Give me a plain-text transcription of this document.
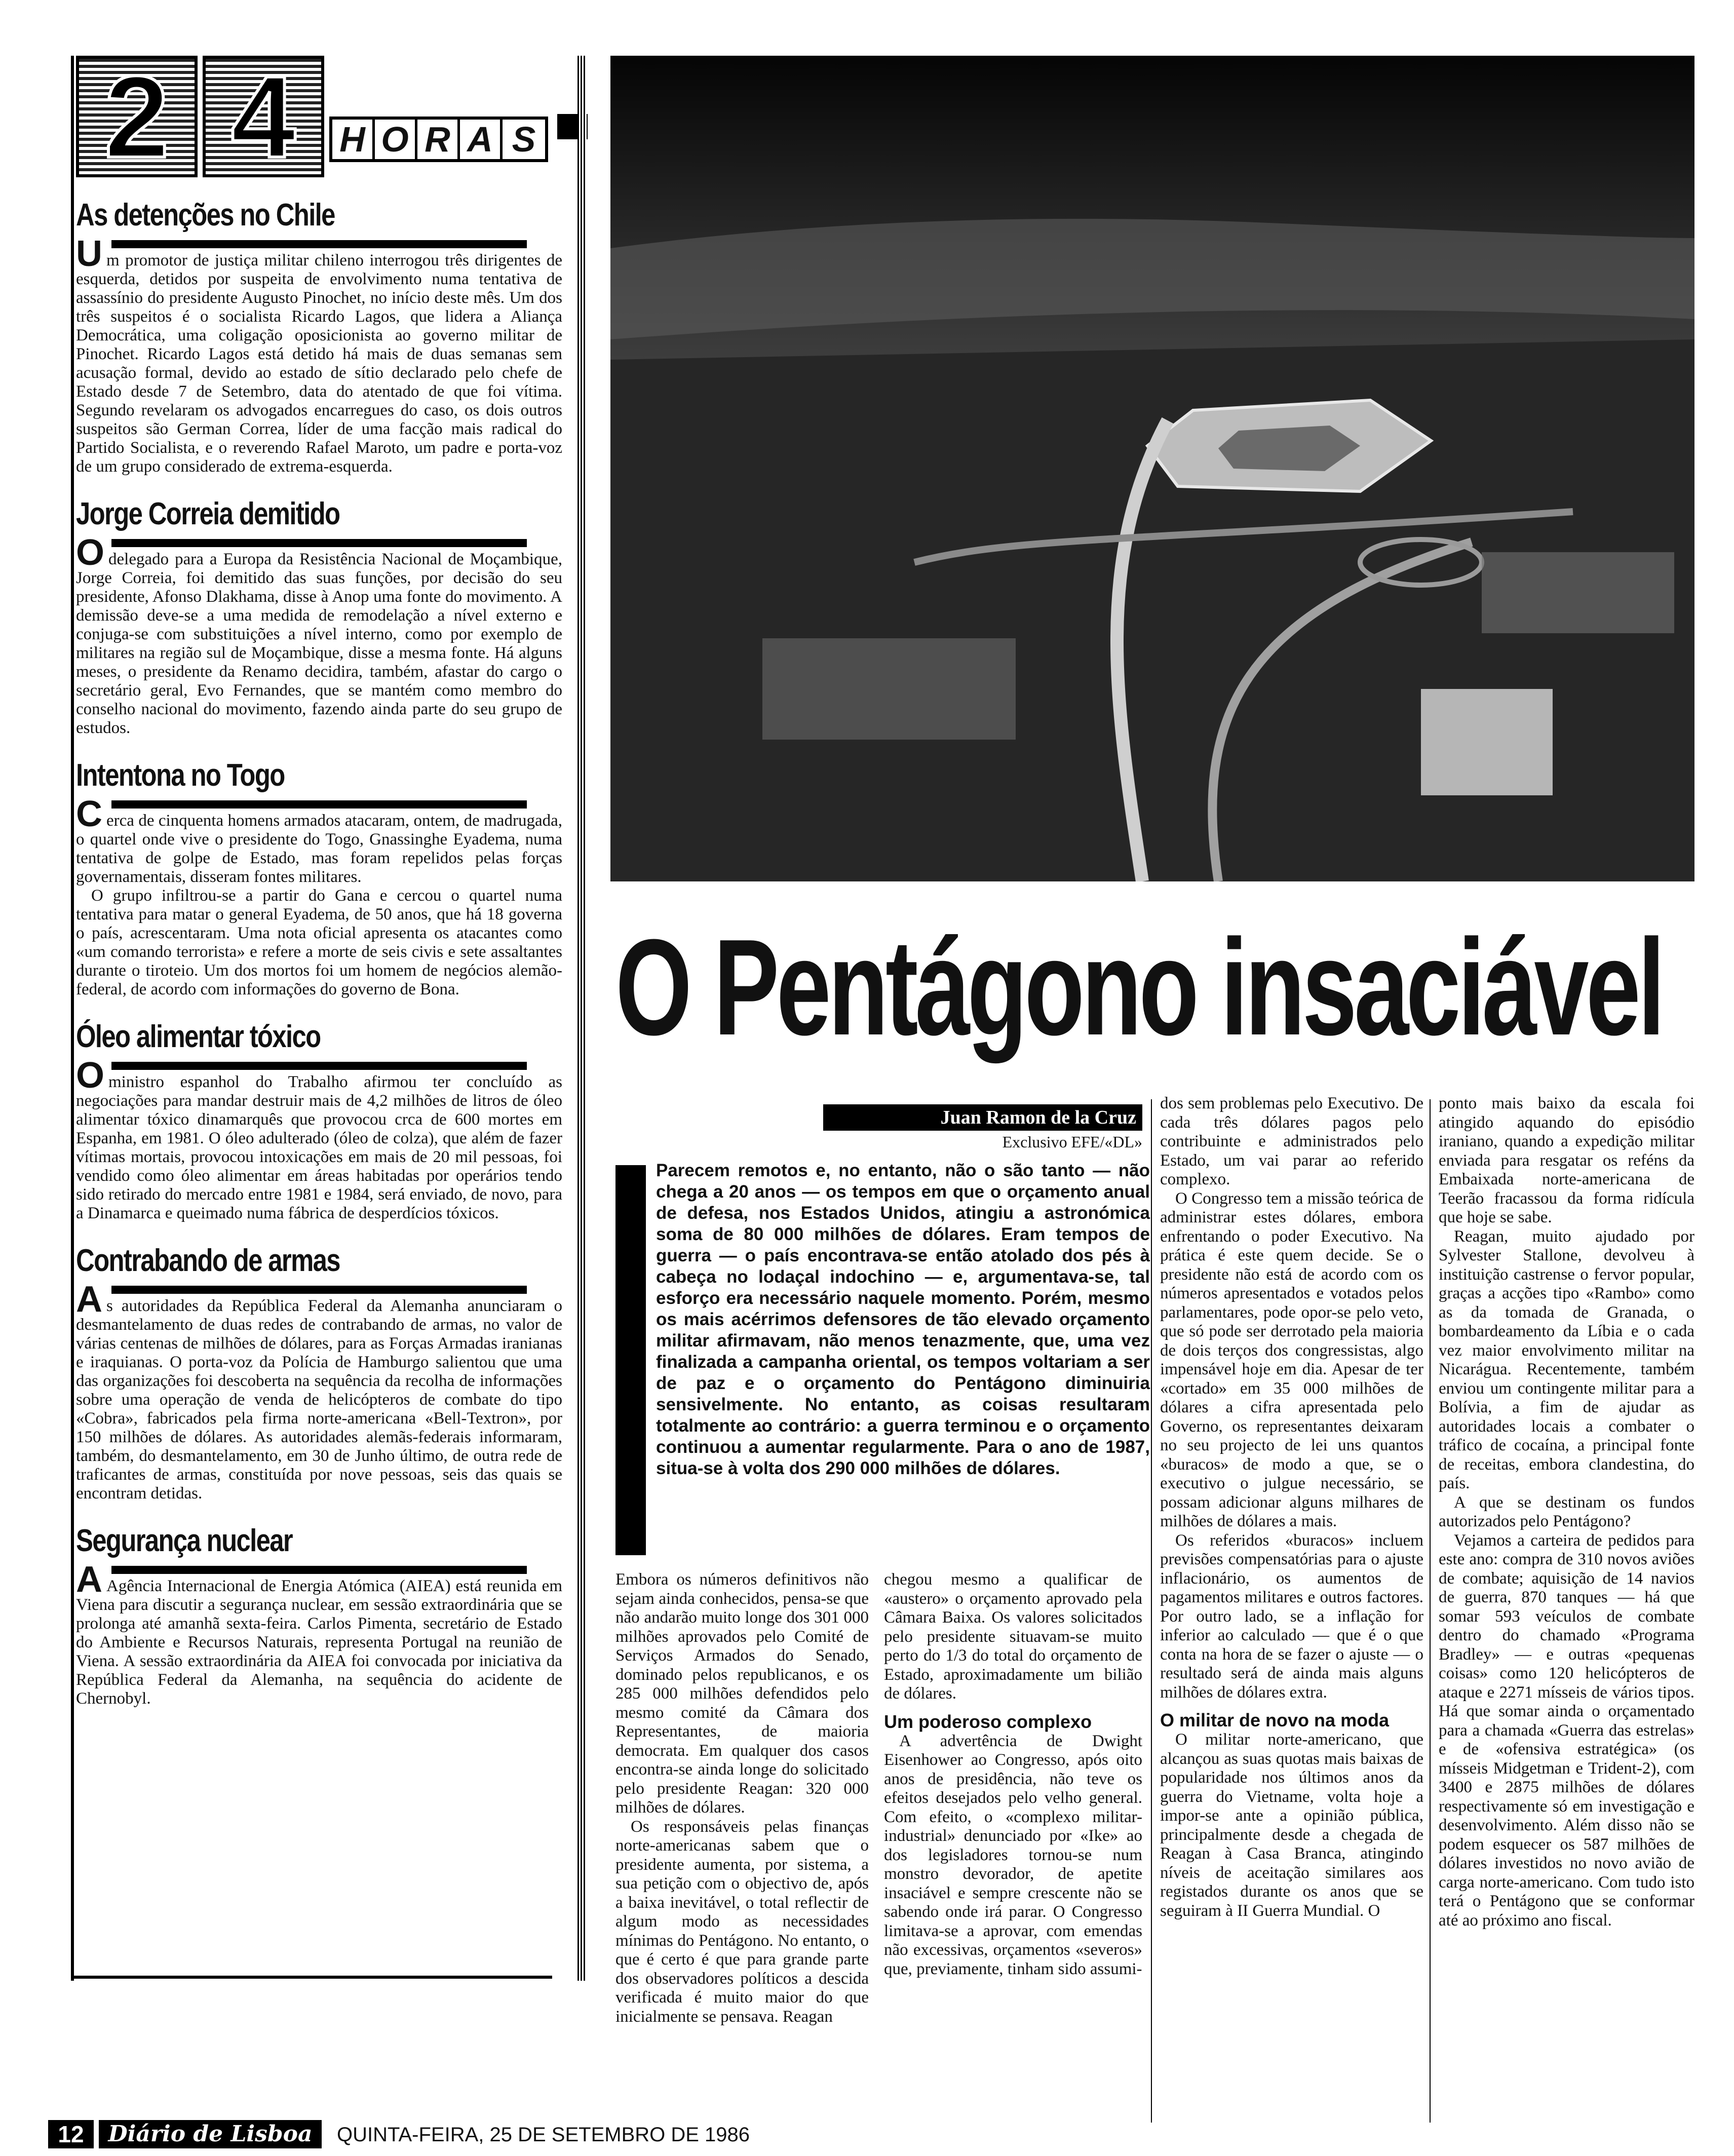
2 4	H O R A S
As detenções no Chile
U m promotor de justiça militar chileno interrogou três dirigentes de esquerda, detidos por suspeita de envolvimento numa tentativa de assassínio do presidente Augusto Pinochet, no início deste mês. Um dos três suspeitos é o socialista Ricardo Lagos, que lidera a Aliança Democrática, uma coligação oposicionista ao governo militar de Pinochet. Ricardo Lagos está detido há mais de duas semanas sem acusação formal, devido ao estado de sítio declarado pelo chefe de Estado desde 7 de Setembro, data do atentado de que foi vítima. Segundo revelaram os advogados encarregues do caso, os dois outros suspeitos são German Correa, líder de uma facção mais radical do Partido Socialista, e o reverendo Rafael Maroto, um padre e porta-voz de um grupo considerado de extrema-esquerda.

Jorge Correia demitido
O delegado para a Europa da Resistência Nacional de Moçambique, Jorge Correia, foi demitido das suas funções, por decisão do seu presidente, Afonso Dlakhama, disse à Anop uma fonte do movimento. A demissão deve-se a uma medida de remodelação a nível externo e conjuga-se com substituições a nível interno, como por exemplo de militares na região sul de Moçambique, disse a mesma fonte. Há alguns meses, o presidente da Renamo decidira, também, afastar do cargo o secretário geral, Evo Fernandes, que se mantém como membro do conselho nacional do movimento, fazendo ainda parte do seu grupo de estudos.

Intentona no Togo
C erca de cinquenta homens armados atacaram, ontem, de madrugada, o quartel onde vive o presidente do Togo, Gnassinghe Eyadema, numa tentativa de golpe de Estado, mas foram repelidos pelas forças governamentais, disseram fontes militares.

O grupo infiltrou-se a partir do Gana e cercou o quartel numa tentativa para matar o general Eyadema, de 50 anos, que há 18 governa o país, acrescentaram. Uma nota oficial apresenta os atacantes como «um comando terrorista» e refere a morte de seis civis e sete assaltantes durante o tiroteio. Um dos mortos foi um homem de negócios alemão-federal, de acordo com informações do governo de Bona.

Óleo alimentar tóxico
O ministro espanhol do Trabalho afirmou ter concluído as negociações para mandar destruir mais de 4,2 milhões de litros de óleo alimentar tóxico dinamarquês que provocou crca de 600 mortes em Espanha, em 1981. O óleo adulterado (óleo de colza), que além de fazer vítimas mortais, provocou intoxicações em mais de 20 mil pessoas, foi vendido como óleo alimentar em áreas habitadas por operários tendo sido retirado do mercado entre 1981 e 1984, será enviado, de novo, para a Dinamarca e queimado numa fábrica de desperdícios tóxicos.

Contrabando de armas
A s autoridades da República Federal da Alemanha anunciaram o desmantelamento de duas redes de contrabando de armas, no valor de várias centenas de milhões de dólares, para as Forças Armadas iranianas e iraquianas. O porta-voz da Polícia de Hamburgo salientou que uma das organizações foi descoberta na sequência da recolha de informações sobre uma operação de venda de helicópteros de combate do tipo «Cobra», fabricados pela firma norte-americana «Bell-Textron», por 150 milhões de dólares. As autoridades alemãs-federais informaram, também, do desmantelamento, em 30 de Junho último, de outra rede de traficantes de armas, constituída por nove pessoas, seis das quais se encontram detidas.

Segurança nuclear
A Agência Internacional de Energia Atómica (AIEA) está reunida em Viena para discutir a segurança nuclear, em sessão extraordinária que se prolonga até amanhã sexta-feira. Carlos Pimenta, secretário de Estado do Ambiente e Recursos Naturais, representa Portugal na reunião de Viena. A sessão extraordinária da AIEA foi convocada por iniciativa da República Federal da Alemanha, na sequência do acidente de Chernobyl.

O Pentágono insaciável
Juan Ramon de la Cruz
Exclusivo EFE/«DL»
Parecem remotos e, no entanto, não o são tanto — não chega a 20 anos — os tempos em que o orçamento anual de defesa, nos Estados Unidos, atingiu a astronómica soma de 80 000 milhões de dólares. Eram tempos de guerra — o país encontrava-se então atolado dos pés à cabeça no lodaçal indochino — e, argumentava-se, tal esforço era necessário naquele momento. Porém, mesmo os mais acérrimos defensores de tão elevado orçamento militar afirmavam, não menos tenazmente, que, uma vez finalizada a campanha oriental, os tempos voltariam a ser de paz e o orçamento do Pentágono diminuiria sensivelmente. No entanto, as coisas resultaram totalmente ao contrário: a guerra terminou e o orçamento continuou a aumentar regularmente. Para o ano de 1987, situa-se à volta dos 290 000 milhões de dólares.

Embora os números definitivos não sejam ainda conhecidos, pensa-se que não andarão muito longe dos 301 000 milhões aprovados pelo Comité de Serviços Armados do Senado, dominado pelos republicanos, e os 285 000 milhões defendidos pelo mesmo comité da Câmara dos Representantes, de maioria democrata. Em qualquer dos casos encontra-se ainda longe do solicitado pelo presidente Reagan: 320 000 milhões de dólares.

Os responsáveis pelas finanças norte-americanas sabem que o presidente aumenta, por sistema, a sua petição com o objectivo de, após a baixa inevitável, o total reflectir de algum modo as necessidades mínimas do Pentágono. No entanto, o que é certo é que para grande parte dos observadores políticos a descida verificada é muito maior do que inicialmente se pensava. Reagan

chegou mesmo a qualificar de «austero» o orçamento aprovado pela Câmara Baixa. Os valores solicitados pelo presidente situavam-se muito perto do 1/3 do total do orçamento de Estado, aproximadamente um bilião de dólares.

Um poderoso complexo

A advertência de Dwight Eisenhower ao Congresso, após oito anos de presidência, não teve os efeitos desejados pelo velho general. Com efeito, o «complexo militar-industrial» denunciado por «Ike» ao dos legisladores tornou-se num monstro devorador, de apetite insaciável e sempre crescente não se sabendo onde irá parar. O Congresso limitava-se a aprovar, com emendas não excessivas, orçamentos «severos» que, previamente, tinham sido assumi-

dos sem problemas pelo Executivo. De cada três dólares pagos pelo contribuinte e administrados pelo Estado, um vai parar ao referido complexo.

O Congresso tem a missão teórica de administrar estes dólares, embora enfrentando o poder Executivo. Na prática é este quem decide. Se o presidente não está de acordo com os números apresentados e votados pelos parlamentares, pode opor-se pelo veto, que só pode ser derrotado pela maioria de dois terços dos congressistas, algo impensável hoje em dia. Apesar de ter «cortado» em 35 000 milhões de dólares a cifra apresentada pelo Governo, os representantes deixaram no seu projecto de lei uns quantos «buracos» de modo a que, se o executivo o julgue necessário, se possam adicionar alguns milhares de milhões de dólares a mais.

Os referidos «buracos» incluem previsões compensatórias para o ajuste inflacionário, os aumentos de pagamentos militares e outros factores. Por outro lado, se a inflação for inferior ao calculado — que é o que conta na hora de se fazer o ajuste — o resultado será de ainda mais alguns milhões de dólares extra.

O militar de novo na moda

O militar norte-americano, que alcançou as suas quotas mais baixas de popularidade nos últimos anos da guerra do Vietname, volta hoje a impor-se ante a opinião pública, principalmente desde a chegada de Reagan à Casa Branca, atingindo níveis de aceitação similares aos registados durante os anos que se seguiram à II Guerra Mundial. O

ponto mais baixo da escala foi atingido aquando do episódio iraniano, quando a expedição militar enviada para resgatar os reféns da Embaixada norte-americana de Teerão fracassou da forma ridícula que hoje se sabe.

Reagan, muito ajudado por Sylvester Stallone, devolveu à instituição castrense o fervor popular, graças a acções tipo «Rambo» como as da tomada de Granada, o bombardeamento da Líbia e o cada vez maior envolvimento militar na Nicarágua. Recentemente, também enviou um contingente militar para a Bolívia, a fim de ajudar as autoridades locais a combater o tráfico de cocaína, a principal fonte de receitas, embora clandestina, do país.

A que se destinam os fundos autorizados pelo Pentágono?

Vejamos a carteira de pedidos para este ano: compra de 310 novos aviões de combate; aquisição de 14 navios de guerra, 870 tanques — há que somar 593 veículos de combate dentro do chamado «Programa Bradley» — e outras «pequenas coisas» como 120 helicópteros de ataque e 2271 mísseis de vários tipos. Há que somar ainda o orçamentado para a chamada «Guerra das estrelas» e de «ofensiva estratégica» (os mísseis Midgetman e Trident-2), com 3400 e 2875 milhões de dólares respectivamente só em investigação e desenvolvimento. Além disso não se podem esquecer os 587 milhões de dólares investidos no novo avião de carga norte-americano. Com tudo isto terá o Pentágono que se conformar até ao próximo ano fiscal.

12	Diário de Lisboa	QUINTA-FEIRA, 25 DE SETEMBRO DE 1986
